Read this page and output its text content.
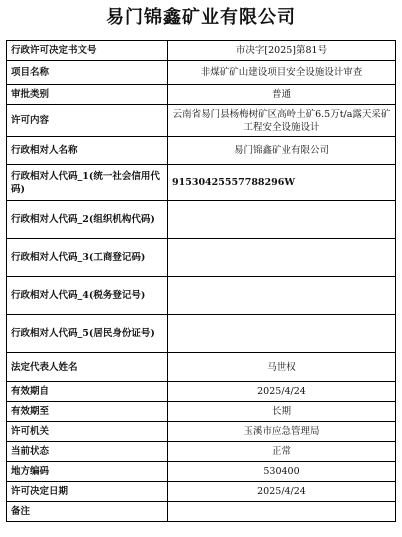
易门锦鑫矿业有限公司
行政许可决定书文号	市决字[2025]第81号
项目名称	非煤矿矿山建设项目安全设施设计审查
审批类别	普通
许可内容	云南省易门县杨梅树矿区高岭土矿6.5万t/a露天采矿工程安全设施设计
行政相对人名称	易门锦鑫矿业有限公司
行政相对人代码_1(统一社会信用代码)	91530425557788296W
行政相对人代码_2(组织机构代码)	
行政相对人代码_3(工商登记码)	
行政相对人代码_4(税务登记号)	
行政相对人代码_5(居民身份证号)	
法定代表人姓名	马世权
有效期自	2025/4/24
有效期至	长期
许可机关	玉溪市应急管理局
当前状态	正常
地方编码	530400
许可决定日期	2025/4/24
备注	
